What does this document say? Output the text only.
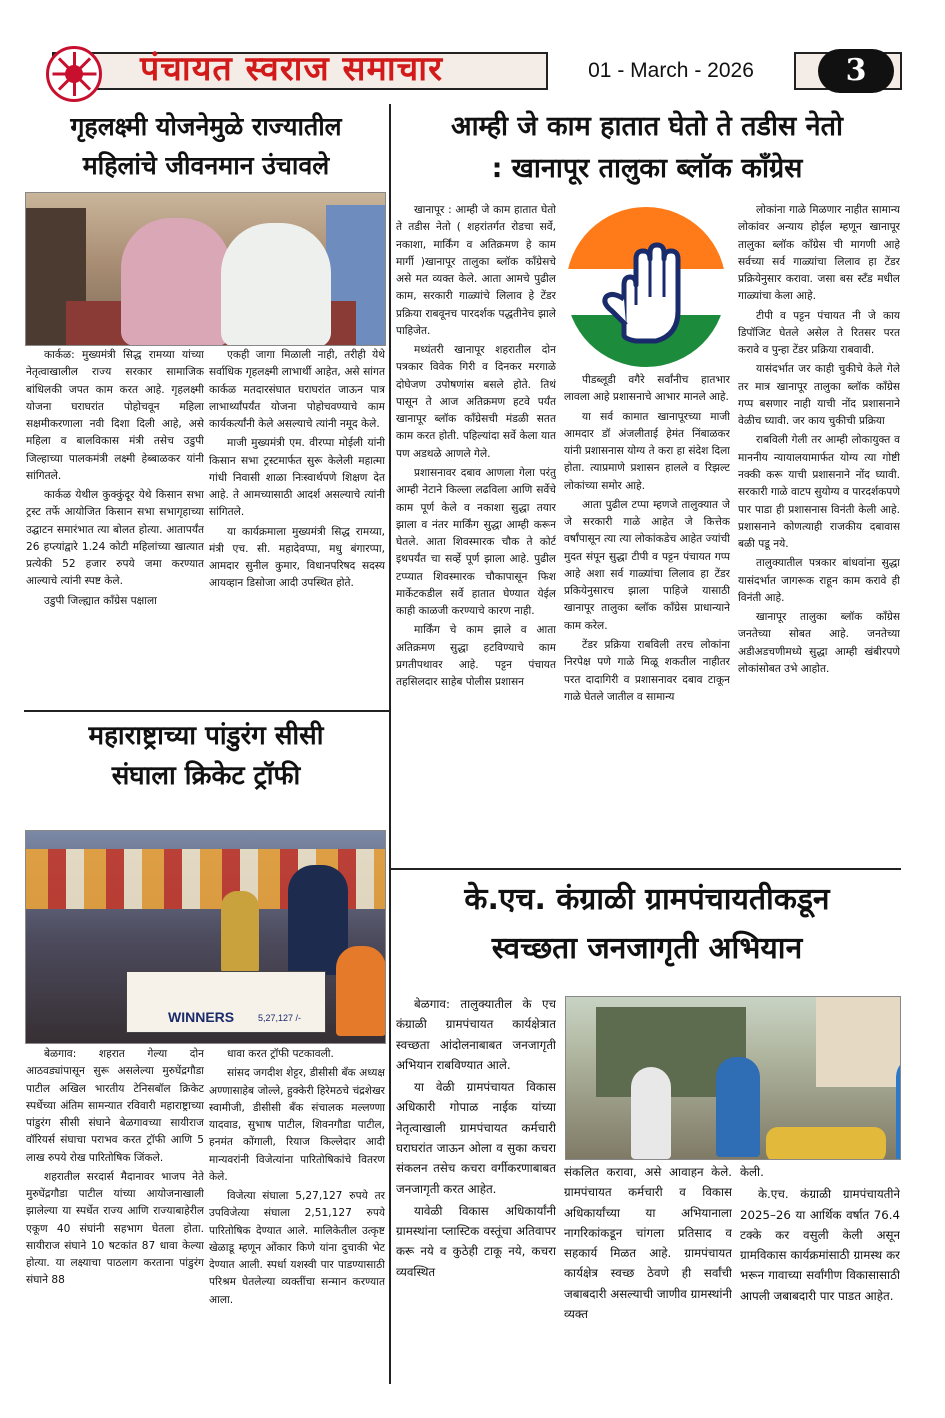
पंचायत स्वराज समाचार	01 - March - 2026	3
गृहलक्ष्मी योजनेमुळे राज्यातील
महिलांचे जीवनमान उंचावले

कार्कळ: मुख्यमंत्री सिद्ध रामय्या यांच्या नेतृत्वाखालील राज्य सरकार सामाजिक बांधिलकी जपत काम करत आहे. गृहलक्ष्मी योजना घराघरांत पोहोचवून महिला सक्षमीकरणाला नवी दिशा दिली आहे, असे महिला व बालविकास मंत्री तसेच उडुपी जिल्हाच्या पालकमंत्री लक्ष्मी हेब्बाळकर यांनी सांगितले.

कार्कळ येथील कुक्कुंदूर येथे किसान सभा ट्रस्ट तर्फे आयोजित किसान सभा सभागृहाच्या उद्घाटन समारंभात त्या बोलत होत्या. आतापर्यंत 26 हप्त्यांद्वारे 1.24 कोटी महिलांच्या खात्यात प्रत्येकी 52 हजार रुपये जमा करण्यात आल्याचे त्यांनी स्पष्ट केले.

उडुपी जिल्ह्यात कॉंग्रेस पक्षाला

एकही जागा मिळाली नाही, तरीही येथे सर्वाधिक गृहलक्ष्मी लाभार्थी आहेत, असे सांगत कार्कळ मतदारसंघात घराघरांत जाऊन पात्र लाभार्थ्यांपर्यंत योजना पोहोचवण्याचे काम कार्यकर्त्यांनी केले असल्याचे त्यांनी नमूद केले.

माजी मुख्यमंत्री एम. वीरप्पा मोईली यांनी किसान सभा ट्रस्टमार्फत सुरू केलेली महात्मा गांधी निवासी शाळा निःस्वार्थपणे शिक्षण देत आहे. ते आमच्यासाठी आदर्श असल्याचे त्यांनी सांगितले.

या कार्यक्रमाला मुख्यमंत्री सिद्ध रामय्या, मंत्री एच. सी. महादेवप्पा, मधु बंगारप्पा, आमदार सुनील कुमार, विधानपरिषद सदस्य आयव्हान डिसोजा आदी उपस्थित होते.

आम्ही जे काम हातात घेतो ते तडीस नेतो
: खानापूर तालुका ब्लॉक कॉंग्रेस

खानापूर : आम्ही जे काम हातात घेतो ते तडीस नेतो ( शहरांतर्गत रोडचा सर्वे, नकाशा, मार्किंग व अतिक्रमण हे काम मार्गी )खानापूर तालुका ब्लॉक कॉंग्रेसचे असे मत व्यक्त केले. आता आमचे पुढील काम, सरकारी गाळ्यांचे लिलाव हे टेंडर प्रक्रिया राबवूनच पारदर्शक पद्धतीनेच झाले पाहिजेत.

मध्यंतरी खानापूर शहरातील दोन पत्रकार विवेक गिरी व दिनकर मरगाळे दोघेजण उपोषणांस बसले होते. तिथं पासून ते आज अतिक्रमण हटवे पर्यंत खानापूर ब्लॉक कॉंग्रेसची मंडळी सतत काम करत होती. पहिल्यांदा सर्वे केला यात पण अडथळे आणले गेले.

प्रशासनावर दबाव आणला गेला परंतु आम्ही नेटाने किल्ला लढविला आणि सर्वेचे काम पूर्ण केले व नकाशा सुद्धा तयार झाला व नंतर मार्किंग सुद्धा आम्ही करून घेतले. आता शिवस्मारक चौक ते कोर्ट इथपर्यंत चा सर्व्हे पूर्ण झाला आहे. पुढील टप्प्यात शिवस्मारक चौकापासून फिश मार्केटकडील सर्वे हातात घेण्यात येईल काही काळजी करण्याचे कारण नाही.

मार्किंग चे काम झाले व आता अतिक्रमण सुद्धा हटविण्याचे काम प्रगतीपथावर आहे. पट्टन पंचायत तहसिलदार साहेब पोलीस प्रशासन

पीडब्लूडी वगैरे सर्वांनीच हातभार लावला आहे प्रशासनाचे आभार मानले आहे.

या सर्व कामात खानापूरच्या माजी आमदार डॉ अंजलीताई हेमंत निंबाळकर यांनी प्रशासनास योग्य ते करा हा संदेश दिला होता. त्याप्रमाणे प्रशासन हालले व रिझल्ट लोकांच्या समोर आहे.

आता पुढील टप्पा म्हणजे तालुक्यात जे जे सरकारी गाळे आहेत जे कित्तेक वर्षांपासून त्या त्या लोकांकडेच आहेत ज्यांची मुदत संपून सुद्धा टीपी व पट्टन पंचायत गप्प आहे अशा सर्व गाळ्यांचा लिलाव हा टेंडर प्रकियेनुसारच झाला पाहिजे यासाठी खानापूर तालुका ब्लॉक कॉंग्रेस प्राधान्याने काम करेल.

टेंडर प्रक्रिया राबविली तरच लोकांना निरपेक्ष पणे गाळे मिळू शकतील नाहीतर परत दादागिरी व प्रशासनावर दबाव टाकून गाळे घेतले जातील व सामान्य

लोकांना गाळे मिळणार नाहीत सामान्य लोकांवर अन्याय होईल म्हणून खानापूर तालुका ब्लॉक कॉंग्रेस ची मागणी आहे सर्वच्या सर्व गा‌ळ्यांचा लिलाव हा टेंडर प्रक्रियेनुसार करावा. जसा बस स्टॅंड मधील गाळ्यांचा केला आहे.

टीपी व पट्टन पंचायत नी जे काय डिपॉजिट घेतले असेल ते रितसर परत करावे व पुन्हा टेंडर प्रक्रिया राबवावी.

यासंदर्भात जर काही चुकीचे केले गेले तर मात्र खानापूर तालुका ब्लॉक कॉंग्रेस गप्प बसणार नाही याची नोंद प्रशासनाने वेळीच घ्यावी. जर काय चुकीची प्रक्रिया

राबविली गेली तर आम्ही लोकायुक्त व माननीय न्यायालयामार्फत योग्य त्या गोष्टी नक्की करू याची प्रशासनाने नोंद घ्यावी. सरकारी गाळे वाटप सुयोग्य व पारदर्शकपणे पार पाडा ही प्रशासनास विनंती केली आहे. प्रशासनाने कोणत्याही राजकीय दबावास बळी पडू नये.

तालुक्यातील पत्रकार बांधवांना सुद्धा यासंदर्भात जागरूक राहून काम करावे ही विनंती आहे.

खानापूर तालुका ब्लॉक कॉंग्रेस जनतेच्या सोबत आहे. जनतेच्या अडीअडचणीमध्ये सुद्धा आम्ही खंबीरपणे लोकांसोबत उभे आहोत.

महाराष्ट्राच्या पांडुरंग सीसी
संघाला क्रिकेट ट्रॉफी
WINNERS	5,27,127 /-

बेळगाव: शहरात गेल्या दोन आठवड्यांपासून सुरू असलेल्या मुरुघेंद्रगौडा पाटील अखिल भारतीय टेनिसबॉल क्रिकेट स्पर्धेच्या अंतिम सामन्यात रविवारी महाराष्ट्राच्या पांडुरंग सीसी संघाने बेळगावच्या सायीराज वॉरियर्स संघाचा पराभव करत ट्रॉफी आणि 5 लाख रुपये रोख पारितोषिक जिंकले.

शहरातील सरदार्स मैदानावर भाजप नेते मुरुघेंद्रगौडा पाटील यांच्या आयोजनाखाली झालेल्या या स्पर्धेत राज्य आणि राज्याबाहेरील एकूण 40 संघांनी सहभाग घेतला होता. सायीराज संघाने 10 षटकांत 87 धावा केल्या होत्या. या लक्ष्याचा पाठलाग करताना पांडुरंग संघाने 88

धावा करत ट्रॉफी पटकावली.

सांसद जगदीश शेट्टर, डीसीसी बँक अध्यक्ष अण्णासाहेब जोल्ले, हुक्केरी हिरेमठचे चंद्रशेखर स्वामीजी, डीसीसी बँक संचालक मल्लण्णा यादवाड, सुभाष पाटील, शिवनगौडा पाटील, हनमंत कोंगाली, रियाज किल्लेदार आदी मान्यवरांनी विजेत्यांना पारितोषिकांचे वितरण केले.

विजेत्या संघाला 5,27,127 रुपये तर उपविजेत्या संघाला 2,51,127 रुपये पारितोषिक देण्यात आले. मालिकेतील उत्कृष्ट खेळाडू म्हणून ओंकार किणे यांना दुचाकी भेट देण्यात आली. स्पर्धा यशस्वी पार पाडण्यासाठी परिश्रम घेतलेल्या व्यक्तींचा सन्मान करण्यात आला.

के.एच. कंग्राळी ग्रामपंचायतीकडून
स्वच्छता जनजागृती अभियान

बेळगाव: तालुक्यातील के एच कंग्राळी ग्रामपंचायत कार्यक्षेत्रात स्वच्छता आंदोलनाबाबत जनजागृती अभियान राबविण्यात आले.

या वेळी ग्रामपंचायत विकास अधिकारी गोपाळ नाईक यांच्या नेतृत्वाखाली ग्रामपंचायत कर्मचारी घराघरांत जाऊन ओला व सुका कचरा संकलन तसेच कचरा वर्गीकरणाबाबत जनजागृती करत आहेत.

यावेळी विकास अधिकार्यांनी ग्रामस्थांना प्लास्टिक वस्तूंचा अतिवापर करू नये व कुठेही टाकू नये, कचरा व्यवस्थित

संकलित करावा, असे आवाहन केले. ग्रामपंचायत कर्मचारी व विकास अधिकार्यांच्या या अभियानाला नागरिकांकडून चांगला प्रतिसाद व सहकार्य मिळत आहे. ग्रामपंचायत कार्यक्षेत्र स्वच्छ ठेवणे ही सर्वांची जबाबदारी असल्याची जाणीव ग्रामस्थांनी व्यक्त

केली.

के.एच. कंग्राळी ग्रामपंचायतीने 2025–26 या आर्थिक वर्षात 76.4 टक्के कर वसुली केली असून ग्रामविकास कार्यक्रमांसाठी ग्रामस्थ कर भरून गावाच्या सर्वांगीण विकासासाठी आपली जबाबदारी पार पाडत आहेत.
